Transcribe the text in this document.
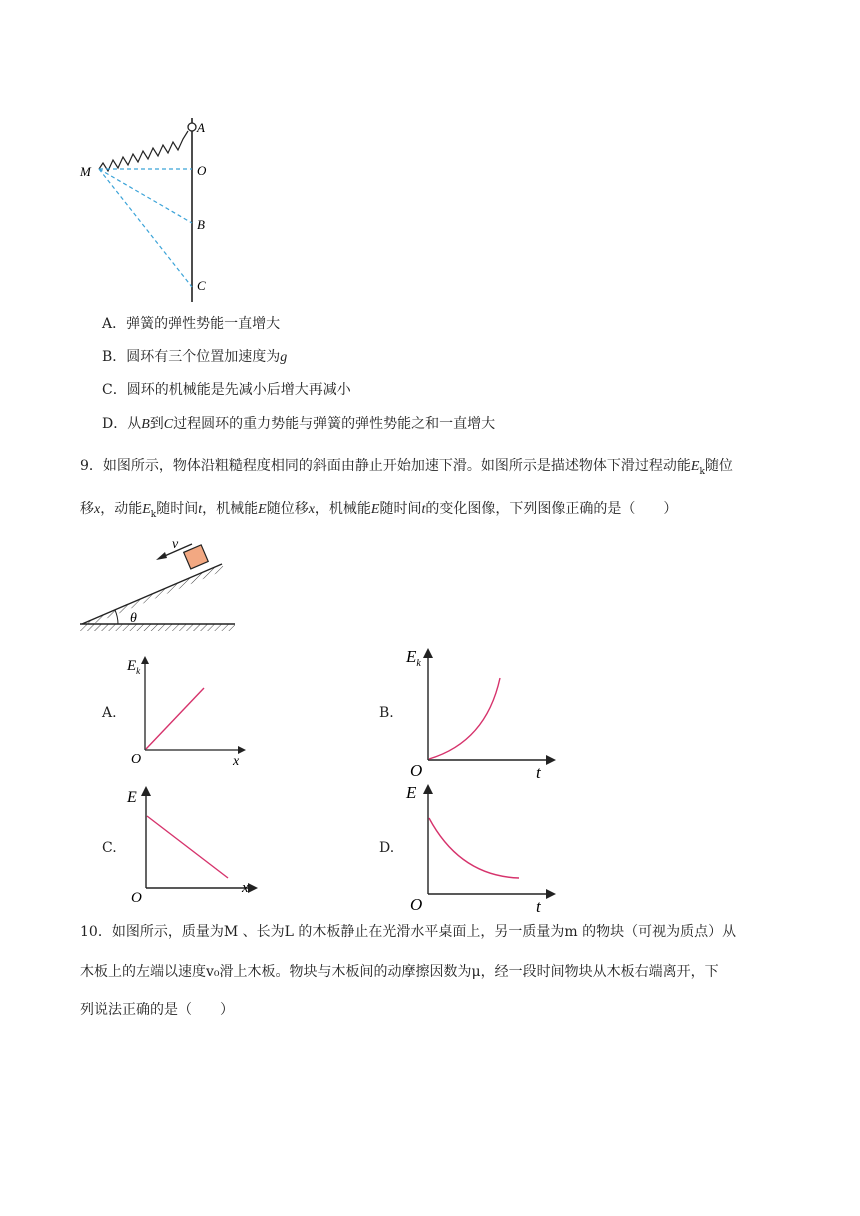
A
M	O
B
C
A．弹簧的弹性势能一直增大
B．圆环有三个位置加速度为g
C．圆环的机械能是先减小后增大再减小
D．从B到C过程圆环的重力势能与弹簧的弹性势能之和一直增大
9．如图所示，物体沿粗糙程度相同的斜面由静止开始加速下滑。如图所示是描述物体下滑过程动能$E_k$随位
移x，动能$E_k$随时间t，机械能E随位移x，机械能E随时间t的变化图像，下列图像正确的是（　　）
θ
v
A.
$E_k$
O	x
B.
$E_k$
O	t
C.
E
O
x
D.
E
O	t
10．如图所示，质量为M 、长为L 的木板静止在光滑水平桌面上，另一质量为m 的物块（可视为质点）从
木板上的左端以速度v₀滑上木板。物块与木板间的动摩擦因数为μ，经一段时间物块从木板右端离开，下
列说法正确的是（　　）
